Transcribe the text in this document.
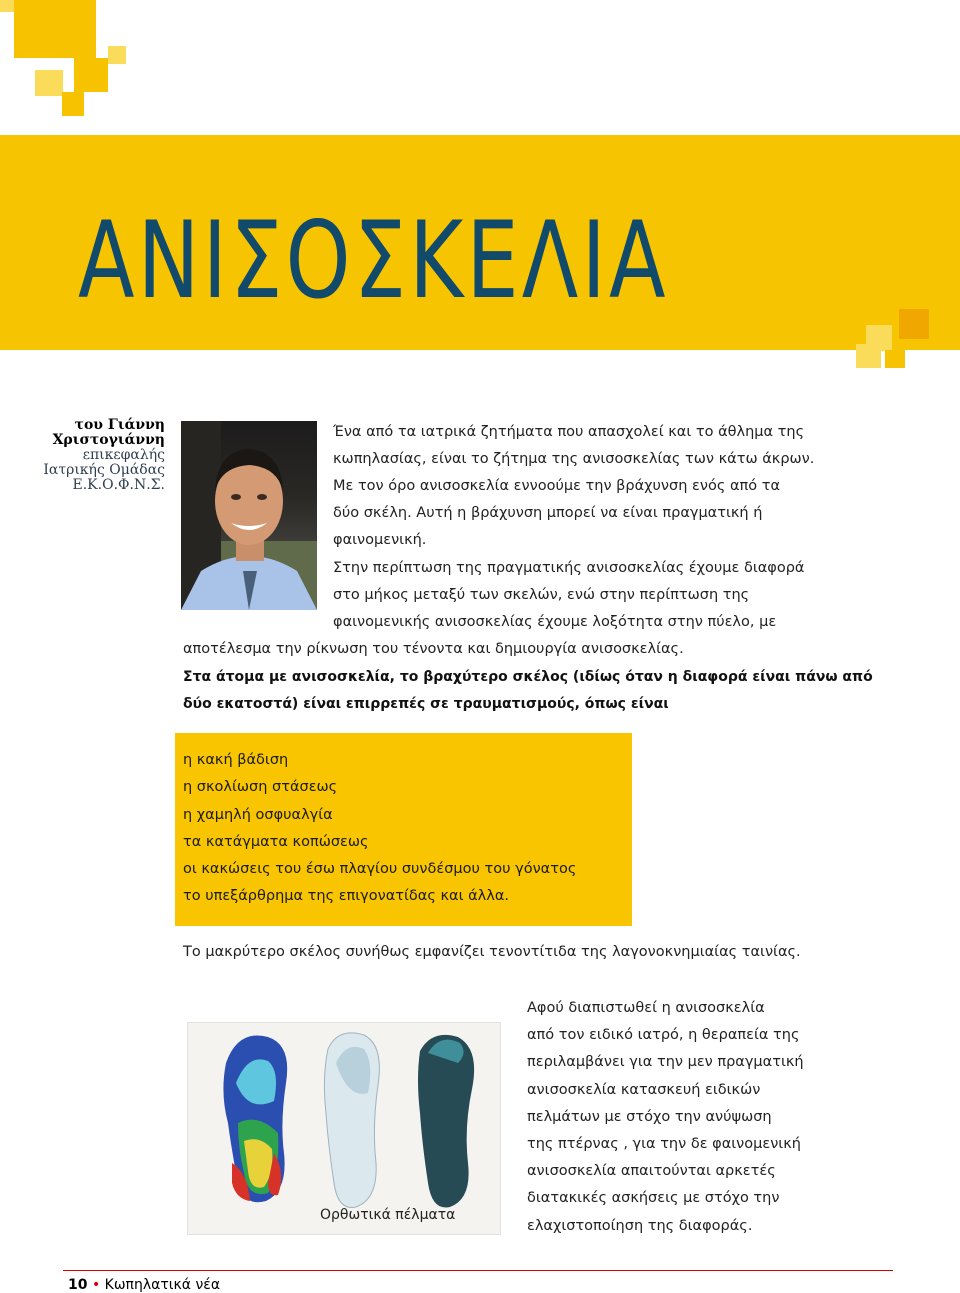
ΑΝΙΣΟΣΚΕΛΙΑ
του Γιάννη
Χριστογιάννη
επικεφαλής
Ιατρικής Ομάδας
Ε.Κ.Ο.Φ.Ν.Σ.
Ένα από τα ιατρικά ζητήματα που απασχολεί και το άθλημα της
κωπηλασίας, είναι το ζήτημα της ανισοσκελίας των κάτω άκρων.
Με τον όρο ανισοσκελία εννοούμε την βράχυνση ενός από τα
δύο σκέλη. Αυτή η βράχυνση μπορεί να είναι πραγματική ή
φαινομενική.
Στην περίπτωση της πραγματικής ανισοσκελίας έχουμε διαφορά
στο μήκος μεταξύ των σκελών, ενώ στην περίπτωση της
φαινομενικής ανισοσκελίας έχουμε λοξότητα στην πύελο, με
αποτέλεσμα την ρίκνωση του τένοντα και δημιουργία ανισοσκελίας.
Στα άτομα με ανισοσκελία, το βραχύτερο σκέλος (ιδίως όταν η διαφορά είναι πάνω από
δύο εκατοστά) είναι επιρρεπές σε τραυματισμούς, όπως είναι
η κακή βάδιση
η σκολίωση στάσεως
η χαμηλή οσφυαλγία
τα κατάγματα κοπώσεως
οι κακώσεις του έσω πλαγίου συνδέσμου του γόνατος
το υπεξάρθρημα της επιγονατίδας και άλλα.
Το μακρύτερο σκέλος συνήθως εμφανίζει τενοντίτιδα της λαγονοκνημιαίας ταινίας.
Ορθωτικά πέλματα
Αφού διαπιστωθεί η ανισοσκελία
από τον ειδικό ιατρό, η θεραπεία της
περιλαμβάνει για την μεν πραγματική
ανισοσκελία κατασκευή ειδικών
πελμάτων με στόχο την ανύψωση
της πτέρνας , για την δε φαινομενική
ανισοσκελία απαιτούνται αρκετές
διατακικές ασκήσεις με στόχο την
ελαχιστοποίηση της διαφοράς.
10 • Κωπηλατικά νέα
